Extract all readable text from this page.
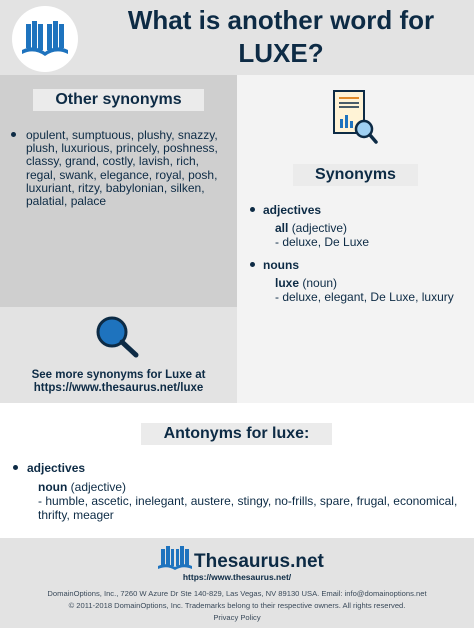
What is another word for
LUXE?
Other synonyms
opulent, sumptuous, plushy, snazzy, plush, luxurious, princely, poshness, classy, grand, costly, lavish, rich, regal, swank, elegance, royal, posh, luxuriant, ritzy, babylonian, silken, palatial, palace
See more synonyms for Luxe at
https://www.thesaurus.net/luxe
Synonyms
adjectives
all (adjective)
- deluxe, De Luxe
nouns
luxe (noun)
- deluxe, elegant, De Luxe, luxury
Antonyms for luxe:
adjectives
noun (adjective)
- humble, ascetic, inelegant, austere, stingy, no-frills, spare, frugal, economical,
thrifty, meager
Thesaurus.net
https://www.thesaurus.net/
DomainOptions, Inc., 7260 W Azure Dr Ste 140-829, Las Vegas, NV 89130 USA. Email: info@domainoptions.net
© 2011-2018 DomainOptions, Inc. Trademarks belong to their respective owners. All rights reserved.
Privacy Policy
